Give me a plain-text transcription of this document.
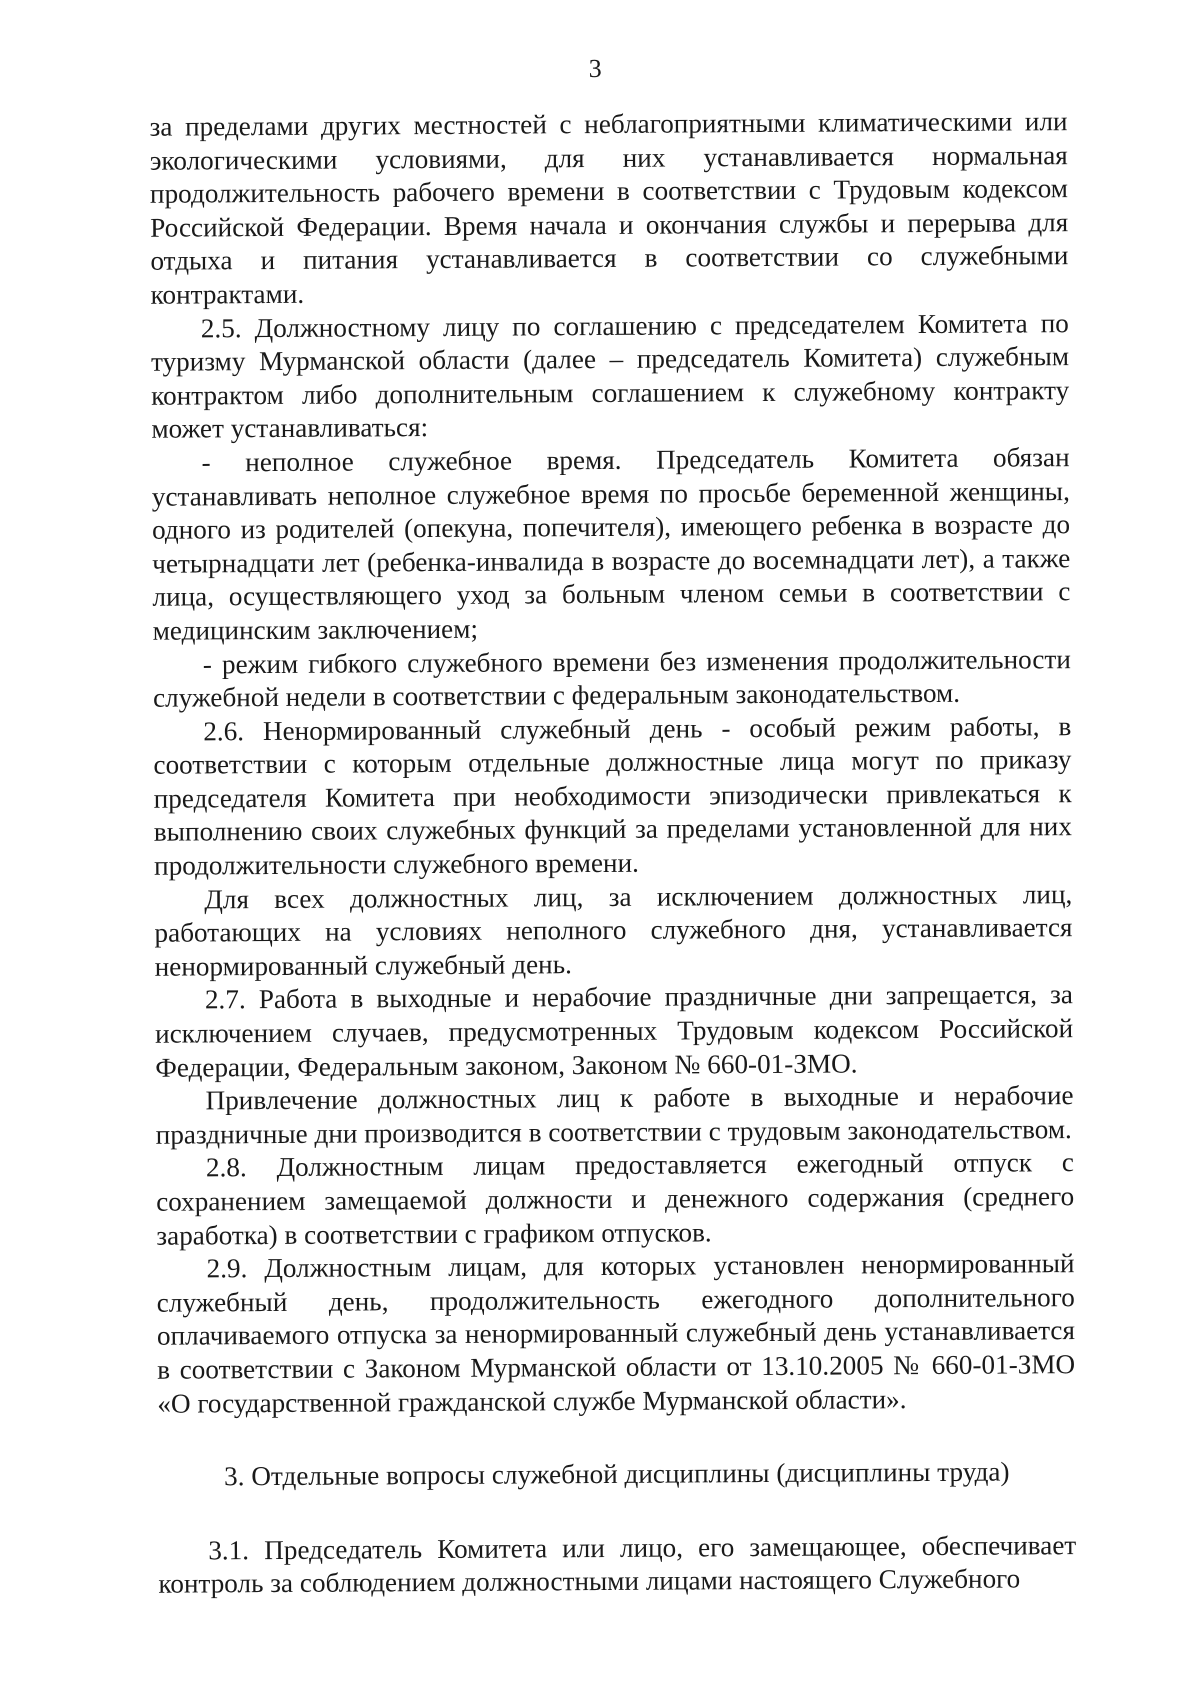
3

за пределами других местностей с неблагоприятными климатическими или экологическими условиями, для них устанавливается нормальная продолжительность рабочего времени в соответствии с Трудовым кодексом Российской Федерации. Время начала и окончания службы и перерыва для отдыха и питания устанавливается в соответствии со служебными контрактами.

2.5. Должностному лицу по соглашению с председателем Комитета по туризму Мурманской области (далее – председатель Комитета) служебным контрактом либо дополнительным соглашением к служебному контракту может устанавливаться:

- неполное служебное время. Председатель Комитета обязан устанавливать неполное служебное время по просьбе беременной женщины, одного из родителей (опекуна, попечителя), имеющего ребенка в возрасте до четырнадцати лет (ребенка-инвалида в возрасте до восемнадцати лет), а также лица, осуществляющего уход за больным членом семьи в соответствии с медицинским заключением;

- режим гибкого служебного времени без изменения продолжительности служебной недели в соответствии с федеральным законодательством.

2.6. Ненормированный служебный день - особый режим работы, в соответствии с которым отдельные должностные лица могут по приказу председателя Комитета при необходимости эпизодически привлекаться к выполнению своих служебных функций за пределами установленной для них продолжительности служебного времени.

Для всех должностных лиц, за исключением должностных лиц, работающих на условиях неполного служебного дня, устанавливается ненормированный служебный день.

2.7. Работа в выходные и нерабочие праздничные дни запрещается, за исключением случаев, предусмотренных Трудовым кодексом Российской Федерации, Федеральным законом, Законом № 660-01-ЗМО.

Привлечение должностных лиц к работе в выходные и нерабочие праздничные дни производится в соответствии с трудовым законодательством.

2.8. Должностным лицам предоставляется ежегодный отпуск с сохранением замещаемой должности и денежного содержания (среднего заработка) в соответствии с графиком отпусков.

2.9. Должностным лицам, для которых установлен ненормированный служебный день, продолжительность ежегодного дополнительного оплачиваемого отпуска за ненормированный служебный день устанавливается в соответствии с Законом Мурманской области от 13.10.2005 № 660-01-ЗМО «О государственной гражданской службе Мурманской области».

3. Отдельные вопросы служебной дисциплины (дисциплины труда)

3.1. Председатель Комитета или лицо, его замещающее, обеспечивает контроль за соблюдением должностными лицами настоящего Служебного
